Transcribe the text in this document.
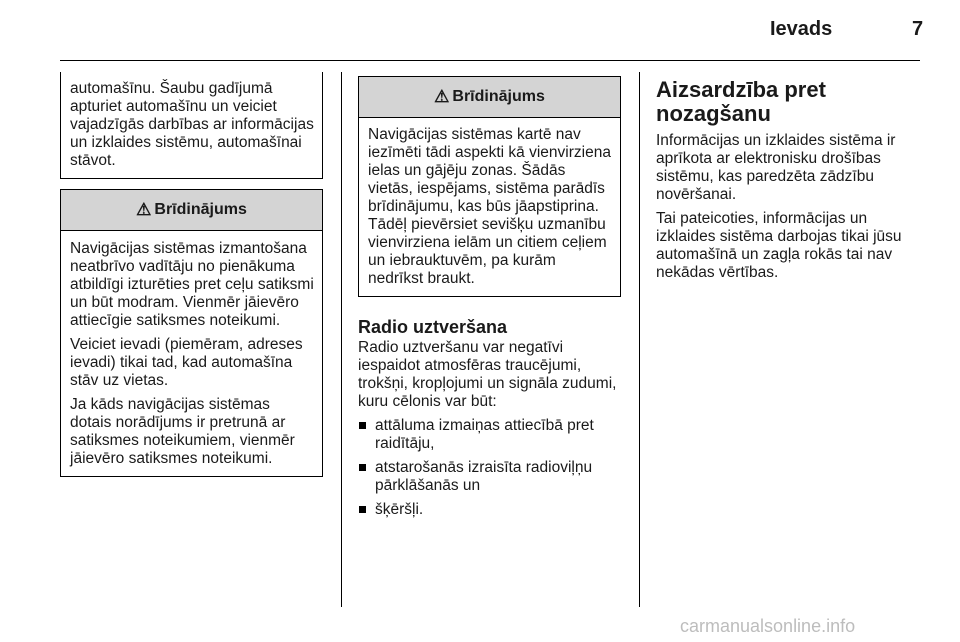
Ievads	7

automašīnu. Šaubu gadījumā apturiet automašīnu un veiciet vajadzīgās darbības ar informācijas un izklaides sistēmu, automašīnai stāvot.

⚠ Brīdinājums

Navigācijas sistēmas izmantošana neatbrīvo vadītāju no pienākuma atbildīgi izturēties pret ceļu satiksmi un būt modram. Vienmēr jāievēro attiecīgie satiksmes noteikumi.

Veiciet ievadi (piemēram, adreses ievadi) tikai tad, kad automašīna stāv uz vietas.

Ja kāds navigācijas sistēmas dotais norādījums ir pretrunā ar satiksmes noteikumiem, vienmēr jāievēro satiksmes noteikumi.

⚠ Brīdinājums

Navigācijas sistēmas kartē nav iezīmēti tādi aspekti kā vienvirziena ielas un gājēju zonas. Šādās vietās, iespējams, sistēma parādīs brīdinājumu, kas būs jāapstiprina. Tādēļ pievērsiet sevišķu uzmanību vienvirziena ielām un citiem ceļiem un iebrauktuvēm, pa kurām nedrīkst braukt.

Radio uztveršana

Radio uztveršanu var negatīvi iespaidot atmosfēras traucējumi, trokšņi, kropļojumi un signāla zudumi, kuru cēlonis var būt:

attāluma izmaiņas attiecībā pret raidītāju,
atstarošanās izraisīta radioviļņu pārklāšanās un
šķēršļi.
Aizsardzība pret nozagšanu

Informācijas un izklaides sistēma ir aprīkota ar elektronisku drošības sistēmu, kas paredzēta zādzību novēršanai.

Tai pateicoties, informācijas un izklaides sistēma darbojas tikai jūsu automašīnā un zagļa rokās tai nav nekādas vērtības.

carmanualsonline.info
